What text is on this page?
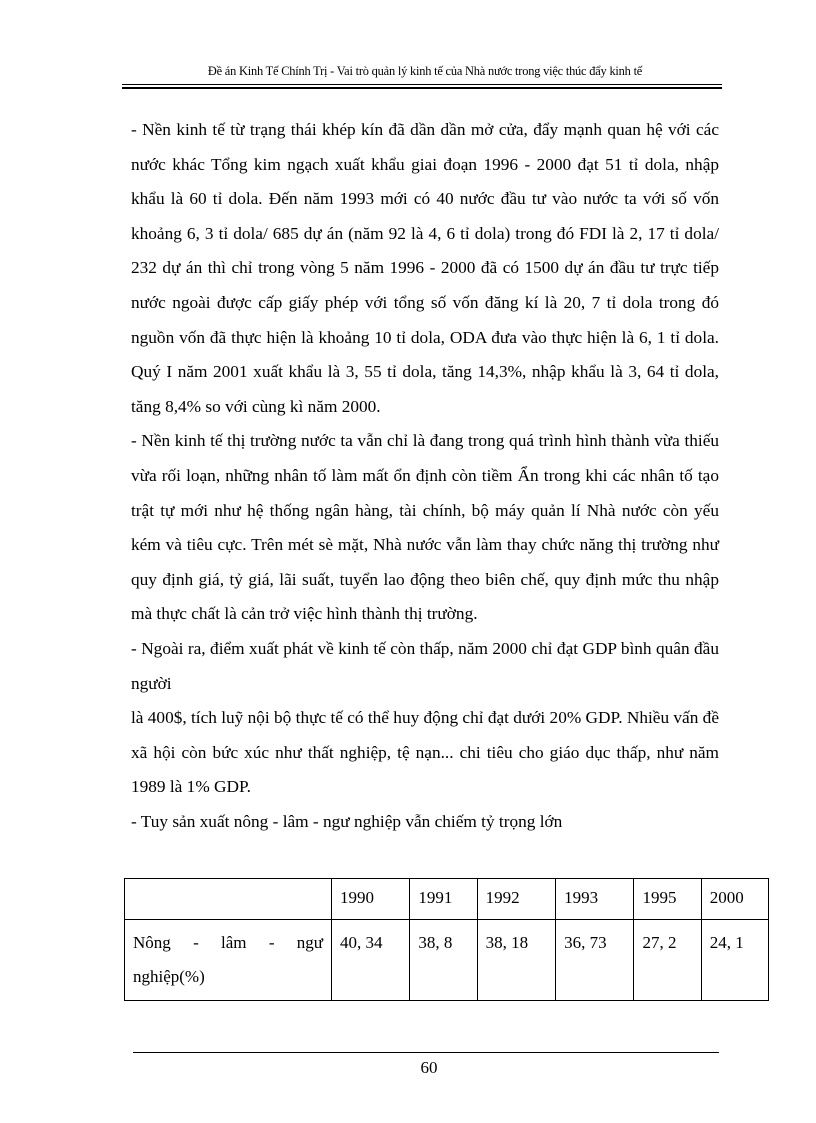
Đề án Kinh Tế Chính Trị - Vai trò quản lý kinh tế của Nhà nước trong việc thúc đẩy kinh tế

- Nền kinh tế từ trạng thái khép kín đã dần dần mở cửa, đẩy mạnh quan hệ với các nước khác Tổng kim ngạch xuất khẩu giai đoạn 1996 - 2000 đạt 51 tỉ dola, nhập khẩu là 60 tỉ dola. Đến năm 1993 mới có 40 nước đầu tư vào nước ta với số vốn khoảng 6, 3 tỉ dola/ 685 dự án (năm 92 là 4, 6 tỉ dola) trong đó FDI là 2, 17 tỉ dola/ 232 dự án thì chỉ trong vòng 5 năm 1996 - 2000 đã có 1500 dự án đầu tư trực tiếp nước ngoài được cấp giấy phép với tổng số vốn đăng kí là 20, 7 tỉ dola trong đó nguồn vốn đã thực hiện là khoảng 10 tỉ dola, ODA đưa vào thực hiện là 6, 1 tỉ dola. Quý I năm 2001 xuất khẩu là 3, 55 tỉ dola, tăng 14,3%, nhập khẩu là 3, 64 tỉ dola, tăng 8,4% so với cùng kì năm 2000.

- Nền kinh tế thị trường nước ta vẫn chỉ là đang trong quá trình hình thành vừa thiếu vừa rối loạn, những nhân tố làm mất ổn định còn tiềm Ẩn trong khi các nhân tố tạo trật tự mới như hệ thống ngân hàng, tài chính, bộ máy quản lí Nhà nước còn yếu kém và tiêu cực. Trên mét sè mặt, Nhà nước vẫn làm thay chức năng thị trường như quy định giá, tỷ giá, lãi suất, tuyển lao động theo biên chế, quy định mức thu nhập mà thực chất là cản trở việc hình thành thị trường.

- Ngoài ra, điểm xuất phát về kinh tế còn thấp, năm 2000 chỉ đạt GDP bình quân đầu người

là 400$, tích luỹ nội bộ thực tế có thể huy động chỉ đạt dưới 20% GDP. Nhiều vấn đề xã hội còn bức xúc như thất nghiệp, tệ nạn... chi tiêu cho giáo dục thấp, như năm 1989 là 1% GDP.

- Tuy sản xuất nông - lâm - ngư nghiệp vẫn chiếm tỷ trọng lớn

	1990	1991	1992	1993	1995	2000

Nông - lâm - ngư
nghiệp(%)	40, 34	38, 8	38, 18	36, 73	27, 2	24, 1
60
